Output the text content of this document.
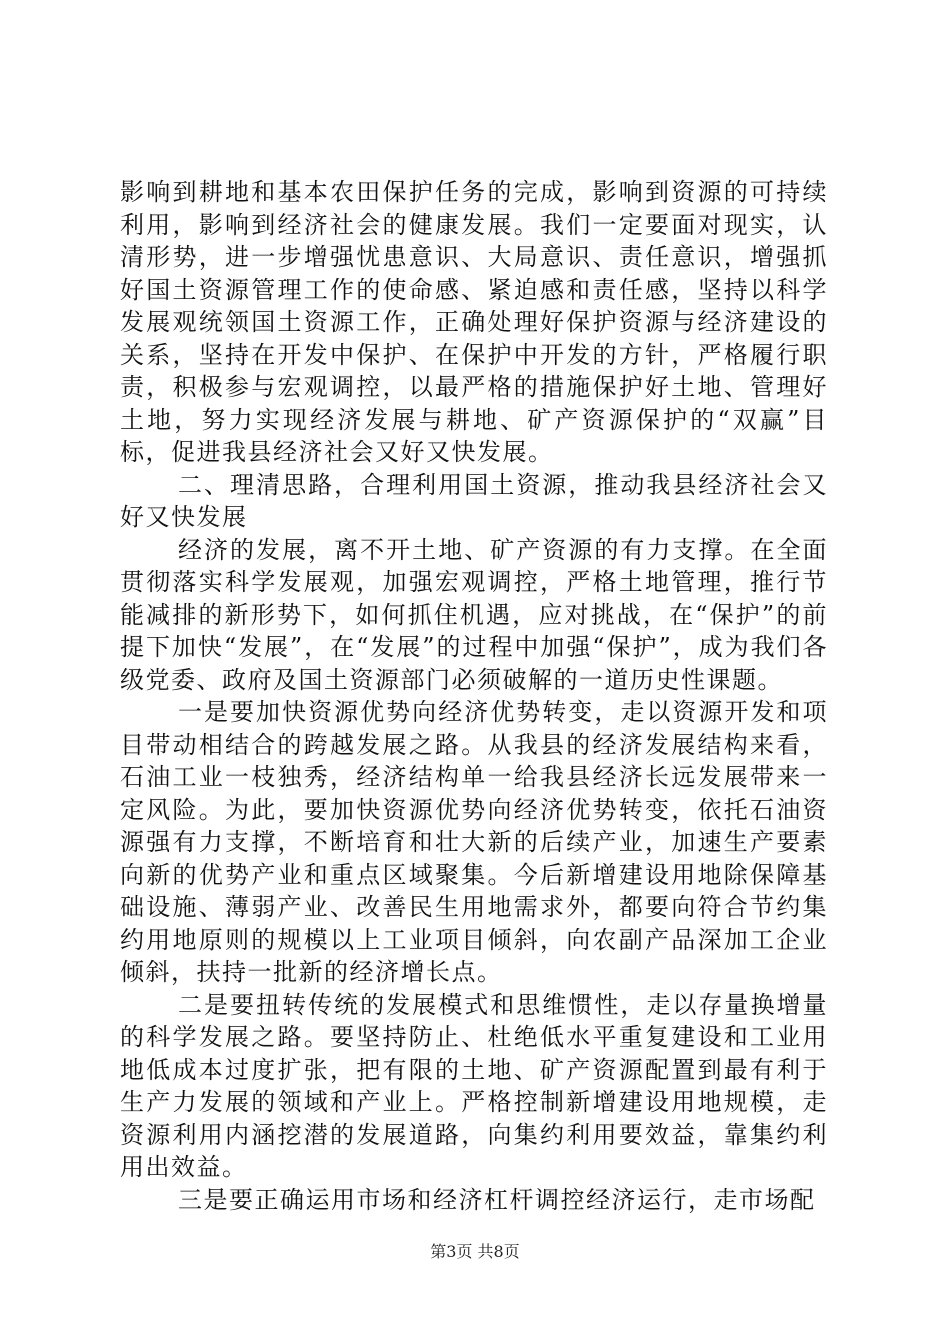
影响到耕地和基本农田保护任务的完成，影响到资源的可持续利用，影响到经济社会的健康发展。我们一定要面对现实，认清形势，进一步增强忧患意识、大局意识、责任意识，增强抓好国土资源管理工作的使命感、紧迫感和责任感，坚持以科学发展观统领国土资源工作，正确处理好保护资源与经济建设的关系，坚持在开发中保护、在保护中开发的方针，严格履行职责，积极参与宏观调控，以最严格的措施保护好土地、管理好土地，努力实现经济发展与耕地、矿产资源保护的“双赢”目标，促进我县经济社会又好又快发展。

二、理清思路，合理利用国土资源，推动我县经济社会又好又快发展

经济的发展，离不开土地、矿产资源的有力支撑。在全面贯彻落实科学发展观，加强宏观调控，严格土地管理，推行节能减排的新形势下，如何抓住机遇，应对挑战，在“保护”的前提下加快“发展”，在“发展”的过程中加强“保护”，成为我们各级党委、政府及国土资源部门必须破解的一道历史性课题。

一是要加快资源优势向经济优势转变，走以资源开发和项目带动相结合的跨越发展之路。从我县的经济发展结构来看，石油工业一枝独秀，经济结构单一给我县经济长远发展带来一定风险。为此，要加快资源优势向经济优势转变，依托石油资源强有力支撑，不断培育和壮大新的后续产业，加速生产要素向新的优势产业和重点区域聚集。今后新增建设用地除保障基础设施、薄弱产业、改善民生用地需求外，都要向符合节约集约用地原则的规模以上工业项目倾斜，向农副产品深加工企业倾斜，扶持一批新的经济增长点。

二是要扭转传统的发展模式和思维惯性，走以存量换增量的科学发展之路。要坚持防止、杜绝低水平重复建设和工业用地低成本过度扩张，把有限的土地、矿产资源配置到最有利于生产力发展的领域和产业上。严格控制新增建设用地规模，走资源利用内涵挖潜的发展道路，向集约利用要效益，靠集约利用出效益。

三是要正确运用市场和经济杠杆调控经济运行，走市场配

第3页 共8页
